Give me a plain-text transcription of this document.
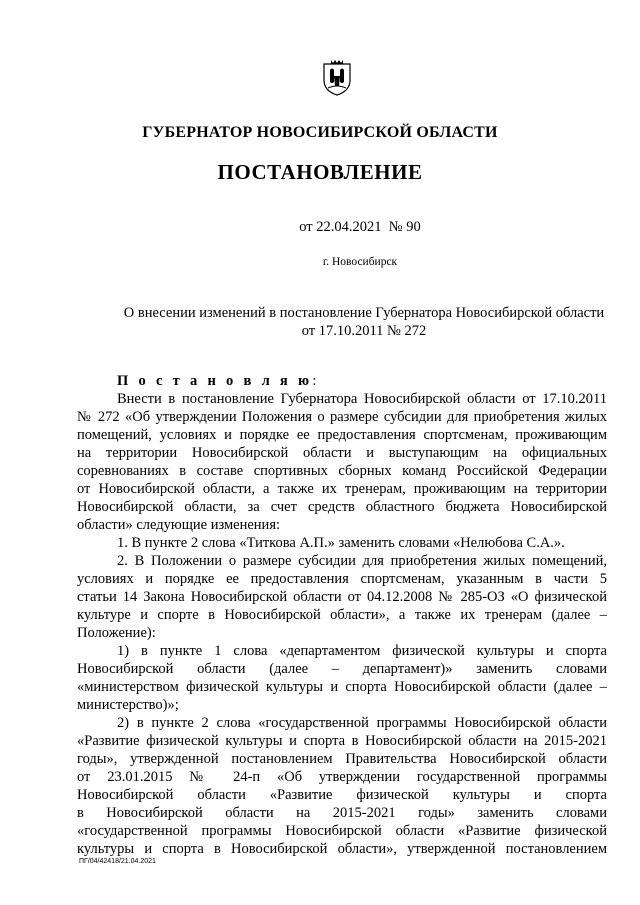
ГУБЕРНАТОР НОВОСИБИРСКОЙ ОБЛАСТИ
ПОСТАНОВЛЕНИЕ
от 22.04.2021  № 90
г. Новосибирск
О внесении изменений в постановление Губернатора Новосибирской области
от 17.10.2011 № 272
П о с т а н о в л я ю:
Внести в постановление Губернатора Новосибирской области от 17.10.2011
№ 272 «Об утверждении Положения о размере субсидии для приобретения жилых
помещений, условиях и порядке ее предоставления спортсменам, проживающим
на территории Новосибирской области и выступающим на официальных
соревнованиях в составе спортивных сборных команд Российской Федерации
от Новосибирской области, а также их тренерам, проживающим на территории
Новосибирской области, за счет средств областного бюджета Новосибирской
области» следующие изменения:
1. В пункте 2 слова «Титкова А.П.» заменить словами «Нелюбова С.А.».
2. В Положении о размере субсидии для приобретения жилых помещений,
условиях и порядке ее предоставления спортсменам, указанным в части 5
статьи 14 Закона Новосибирской области от 04.12.2008 № 285-ОЗ «О физической
культуре и спорте в Новосибирской области», а также их тренерам (далее –
Положение):
1) в пункте 1 слова «департаментом физической культуры и спорта
Новосибирской области (далее – департамент)» заменить словами
«министерством физической культуры и спорта Новосибирской области (далее –
министерство)»;
2) в пункте 2 слова «государственной программы Новосибирской области
«Развитие физической культуры и спорта в Новосибирской области на 2015-2021
годы», утвержденной постановлением Правительства Новосибирской области
от 23.01.2015 № 24-п «Об утверждении государственной программы
Новосибирской области «Развитие физической культуры и спорта
в Новосибирской области на 2015-2021 годы» заменить словами
«государственной программы Новосибирской области «Развитие физической
культуры и спорта в Новосибирской области», утвержденной постановлением
ПГ/04/42418/21.04.2021
